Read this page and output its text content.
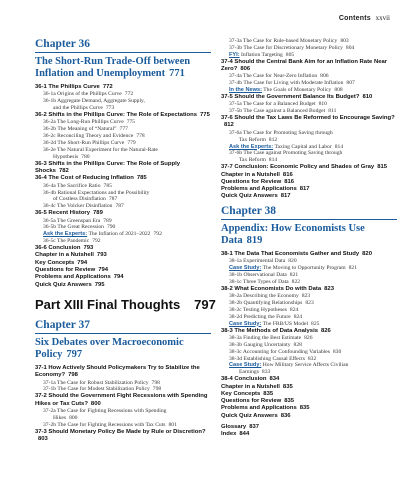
Contents xxvii
Chapter 36
The Short-Run Trade-Off between Inflation and Unemployment 771
36-1 The Phillips Curve 772
36-1a Origins of the Phillips Curve 772
36-1b Aggregate Demand, Aggregate Supply,
and the Phillips Curve 773
36-2 Shifts in the Phillips Curve: The Role of Expectations 775
36-2a The Long-Run Phillips Curve 775
36-2b The Meaning of “Natural” 777
36-2c Reconciling Theory and Evidence 778
36-2d The Short-Run Phillips Curve 779
36-2e The Natural Experiment for the Natural-Rate
Hypothesis 780
36-3 Shifts in the Phillips Curve: The Role of Supply Shocks 782
36-4 The Cost of Reducing Inflation 785
36-4a The Sacrifice Ratio 785
36-4b Rational Expectations and the Possibility
of Costless Disinflation 787
36-4c The Volcker Disinflation 787
36-5 Recent History 789
36-5a The Greenspan Era 789
36-5b The Great Recession 790
Ask the Experts: The Inflation of 2021–2022 792
36-5c The Pandemic 792
36-6 Conclusion 793
Chapter in a Nutshell 793
Key Concepts 794
Questions for Review 794
Problems and Applications 794
Quick Quiz Answers 795
Part XIII Final Thoughts 797
Chapter 37
Six Debates over Macroeconomic Policy 797
37-1 How Actively Should Policymakers Try to Stabilize the Economy? 798
37-1a The Case for Robust Stabilization Policy 798
37-1b The Case for Modest Stabilization Policy 798
37-2 Should the Government Fight Recessions with Spending Hikes or Tax Cuts? 800
37-2a The Case for Fighting Recessions with Spending
Hikes 800
37-2b The Case for Fighting Recessions with Tax Cuts 801
37-3 Should Monetary Policy Be Made by Rule or Discretion?803
37-3a The Case for Rule-based Monetary Policy 803
37-3b The Case for Discretionary Monetary Policy 804
FYI: Inflation Targeting 805
37-4 Should the Central Bank Aim for an Inflation Rate Near Zero? 806
37-4a The Case for Near-Zero Inflation 806
37-4b The Case for Living with Moderate Inflation 807
In the News: The Goals of Monetary Policy 808
37-5 Should the Government Balance Its Budget? 810
37-5a The Case for a Balanced Budget 810
37-5b The Case against a Balanced Budget 811
37-6 Should the Tax Laws Be Reformed to Encourage Saving?812
37-6a The Case for Promoting Saving through
Tax Reform 812
Ask the Experts: Taxing Capital and Labor 814
37-6b The Case against Promoting Saving through
Tax Reform 814
37-7 Conclusion: Economic Policy and Shades of Gray 815
Chapter in a Nutshell 816
Questions for Review 816
Problems and Applications 817
Quick Quiz Answers 817
Chapter 38
Appendix: How Economists Use Data 819
38-1 The Data That Economists Gather and Study 820
38-1a Experimental Data 820
Case Study: The Moving to Opportunity Program 821
38-1b Observational Data 821
38-1c Three Types of Data 822
38-2 What Economists Do with Data 823
38-2a Describing the Economy 823
38-2b Quantifying Relationships 823
38-2c Testing Hypotheses 824
38-2d Predicting the Future 824
Case Study: The FRB/US Model 825
38-3 The Methods of Data Analysis 826
38-3a Finding the Best Estimate 826
38-3b Gauging Uncertainty 828
38-3c Accounting for Confounding Variables 830
38-3d Establishing Causal Effects 832
Case Study: How Military Service Affects Civilian
Earnings 833
38-4 Conclusion 834
Chapter in a Nutshell 835
Key Concepts 835
Questions for Review 835
Problems and Applications 835
Quick Quiz Answers 836
Glossary 837
Index 844
